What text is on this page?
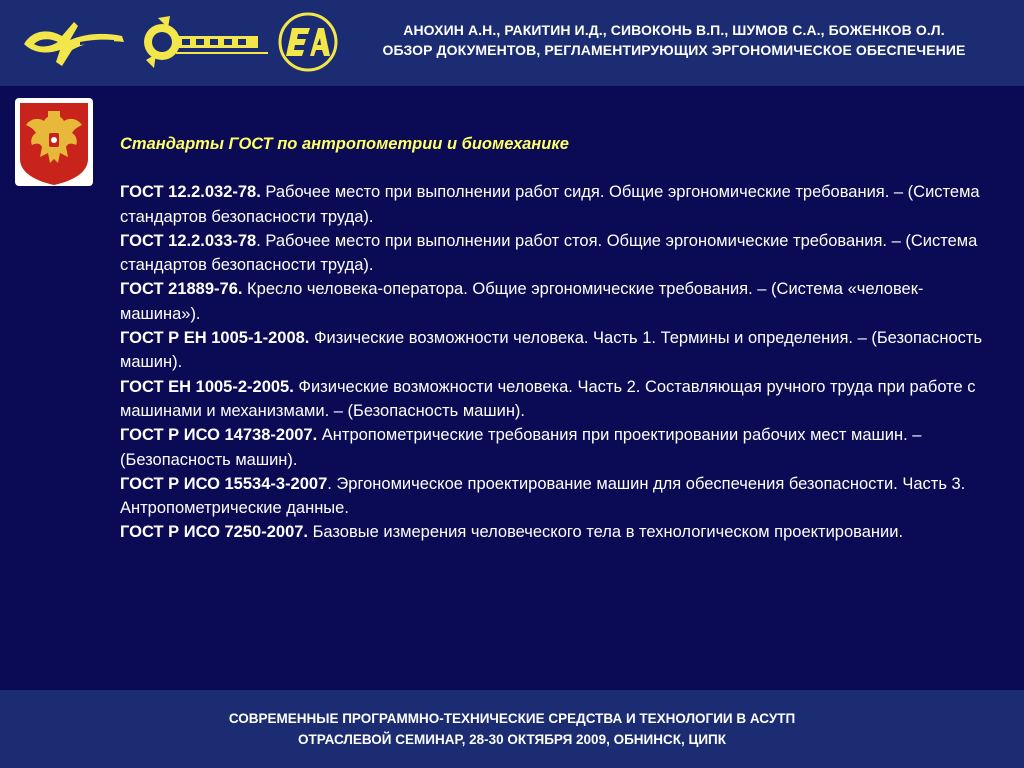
АНОХИН А.Н., РАКИТИН И.Д., СИВОКОНЬ В.П., ШУМОВ С.А., БОЖЕНКОВ О.Л.
ОБЗОР ДОКУМЕНТОВ, РЕГЛАМЕНТИРУЮЩИХ ЭРГОНОМИЧЕСКОЕ ОБЕСПЕЧЕНИЕ

Стандарты ГОСТ по антропометрии и биомеханике

ГОСТ 12.2.032-78. Рабочее место при выполнении работ сидя. Общие эргономические требования. – (Система стандартов безопасности труда).

ГОСТ 12.2.033-78. Рабочее место при выполнении работ стоя. Общие эргономические требования. – (Система стандартов безопасности труда).

ГОСТ 21889-76. Кресло человека-оператора. Общие эргономические требования. – (Система «человек-машина»).

ГОСТ Р ЕН 1005-1-2008. Физические возможности человека. Часть 1. Термины и определения. – (Безопасность машин).

ГОСТ ЕН 1005-2-2005. Физические возможности человека. Часть 2. Составляющая ручного труда при работе с машинами и механизмами. – (Безопасность машин).

ГОСТ Р ИСО 14738-2007. Антропометрические требования при проектировании рабочих мест машин. – (Безопасность машин).

ГОСТ Р ИСО 15534-3-2007. Эргономическое проектирование машин для обеспечения безопасности. Часть 3. Антропометрические данные.

ГОСТ Р ИСО 7250-2007. Базовые измерения человеческого тела в технологическом проектировании.

СОВРЕМЕННЫЕ ПРОГРАММНО-ТЕХНИЧЕСКИЕ СРЕДСТВА И ТЕХНОЛОГИИ В АСУТП
ОТРАСЛЕВОЙ СЕМИНАР, 28-30 ОКТЯБРЯ 2009, ОБНИНСК, ЦИПК
